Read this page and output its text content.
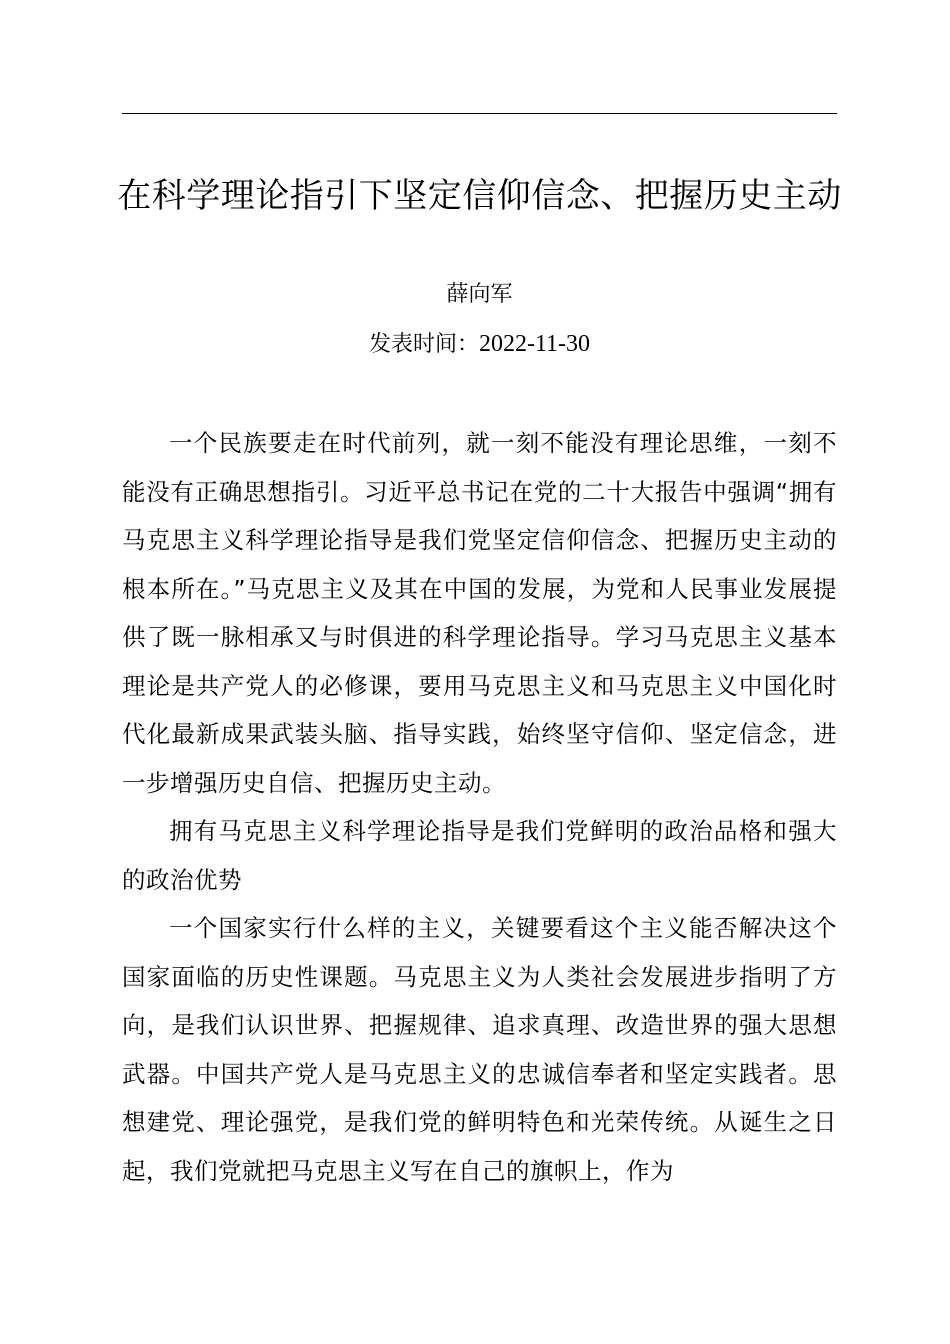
在科学理论指引下坚定信仰信念、把握历史主动
薛向军
发表时间：2022-11-30

一个民族要走在时代前列，就一刻不能没有理论思维，一刻不能没有正确思想指引。习近平总书记在党的二十大报告中强调“拥有马克思主义科学理论指导是我们党坚定信仰信念、把握历史主动的根本所在。”马克思主义及其在中国的发展，为党和人民事业发展提供了既一脉相承又与时俱进的科学理论指导。学习马克思主义基本理论是共产党人的必修课，要用马克思主义和马克思主义中国化时代化最新成果武装头脑、指导实践，始终坚守信仰、坚定信念，进一步增强历史自信、把握历史主动。

拥有马克思主义科学理论指导是我们党鲜明的政治品格和强大的政治优势

一个国家实行什么样的主义，关键要看这个主义能否解决这个国家面临的历史性课题。马克思主义为人类社会发展进步指明了方向，是我们认识世界、把握规律、追求真理、改造世界的强大思想武器。中国共产党人是马克思主义的忠诚信奉者和坚定实践者。思想建党、理论强党，是我们党的鲜明特色和光荣传统。从诞生之日起，我们党就把马克思主义写在自己的旗帜上，作为
